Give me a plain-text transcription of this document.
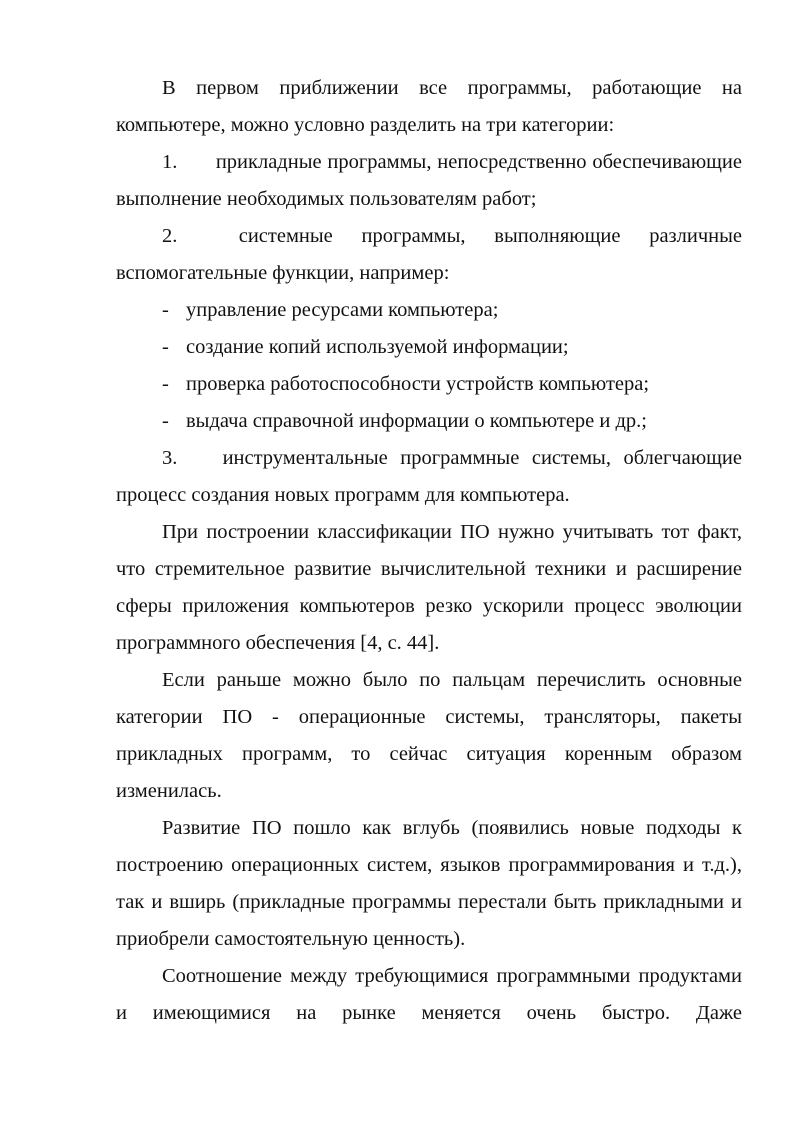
В первом приближении все программы, работающие на компьютере, можно условно разделить на три категории:

1. прикладные программы, непосредственно обеспечивающие выполнение необходимых пользователям работ;

2.	системные программы, выполняющие различные вспомогательные функции, например:

- управление ресурсами компьютера;

- создание копий используемой информации;

- проверка работоспособности устройств компьютера;

- выдача справочной информации о компьютере и др.;

3. инструментальные программные системы, облегчающие процесс создания новых программ для компьютера.

При построении классификации ПО нужно учитывать тот факт, что стремительное развитие вычислительной техники и расширение сферы приложения компьютеров резко ускорили процесс эволюции программного обеспечения [4, с. 44].

Если раньше можно было по пальцам перечислить основные категории ПО - операционные системы, трансляторы, пакеты прикладных программ, то сейчас ситуация коренным образом изменилась.

Развитие ПО пошло как вглубь (появились новые подходы к построению операционных систем, языков программирования и т.д.), так и вширь (прикладные программы перестали быть прикладными и приобрели самостоятельную ценность).

Соотношение между требующимися программными продуктами и имеющимися на рынке меняется очень быстро. Даже
